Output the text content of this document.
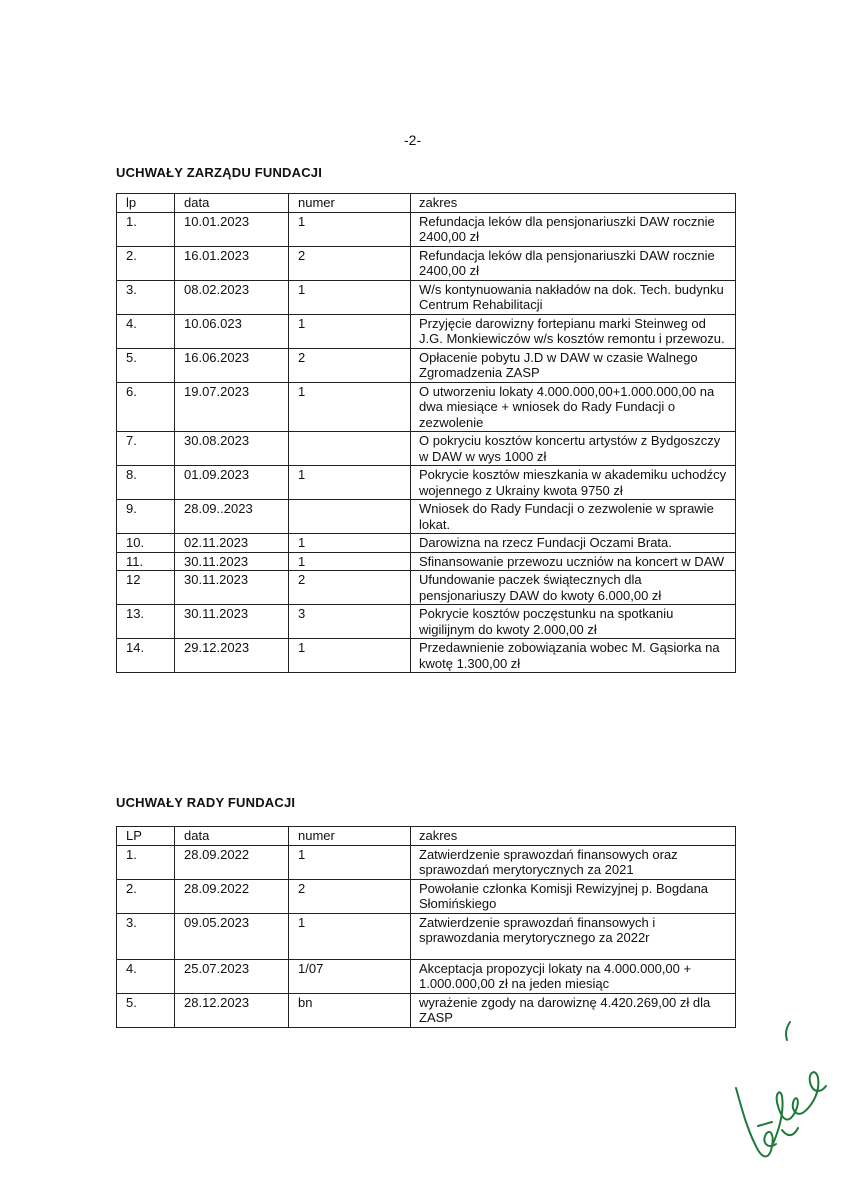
-2-
UCHWAŁY ZARZĄDU FUNDACJI
lp	data	numer	zakres
1.	10.01.2023	1	Refundacja leków dla pensjonariuszki DAW rocznie 2400,00 zł
2.	16.01.2023	2	Refundacja leków dla pensjonariuszki DAW rocznie 2400,00 zł
3.	08.02.2023	1	W/s kontynuowania nakładów na dok. Tech. budynku Centrum Rehabilitacji
4.	10.06.023	1	Przyjęcie darowizny fortepianu marki Steinweg od J.G. Monkiewiczów w/s kosztów remontu i przewozu.
5.	16.06.2023	2	Opłacenie pobytu J.D w DAW w czasie Walnego Zgromadzenia ZASP
6.	19.07.2023	1	O utworzeniu lokaty 4.000.000,00+1.000.000,00 na dwa miesiące + wniosek do Rady Fundacji o zezwolenie
7.	30.08.2023		O pokryciu kosztów koncertu artystów z Bydgoszczy w DAW w wys 1000 zł
8.	01.09.2023	1	Pokrycie kosztów mieszkania w akademiku uchodźcy wojennego z Ukrainy kwota 9750 zł
9.	28.09..2023		Wniosek do Rady Fundacji o zezwolenie w sprawie lokat.
10.	02.11.2023	1	Darowizna na rzecz Fundacji Oczami Brata.
11.	30.11.2023	1	Sfinansowanie przewozu uczniów na koncert w DAW
12	30.11.2023	2	Ufundowanie paczek świątecznych dla pensjonariuszy DAW do kwoty 6.000,00 zł
13.	30.11.2023	3	Pokrycie kosztów poczęstunku na spotkaniu wigilijnym do kwoty 2.000,00 zł
14.	29.12.2023	1	Przedawnienie zobowiązania wobec M. Gąsiorka na kwotę 1.300,00 zł
UCHWAŁY RADY FUNDACJI
LP	data	numer	zakres
1.	28.09.2022	1	Zatwierdzenie sprawozdań finansowych oraz sprawozdań merytorycznych za 2021
2.	28.09.2022	2	Powołanie członka Komisji Rewizyjnej p. Bogdana Słomińskiego
3.	09.05.2023	1	Zatwierdzenie sprawozdań finansowych i sprawozdania merytorycznego za 2022r
4.	25.07.2023	1/07	Akceptacja propozycji lokaty na 4.000.000,00 + 1.000.000,00 zł na jeden miesiąc
5.	28.12.2023	bn	wyrażenie zgody na darowiznę 4.420.269,00 zł dla ZASP
